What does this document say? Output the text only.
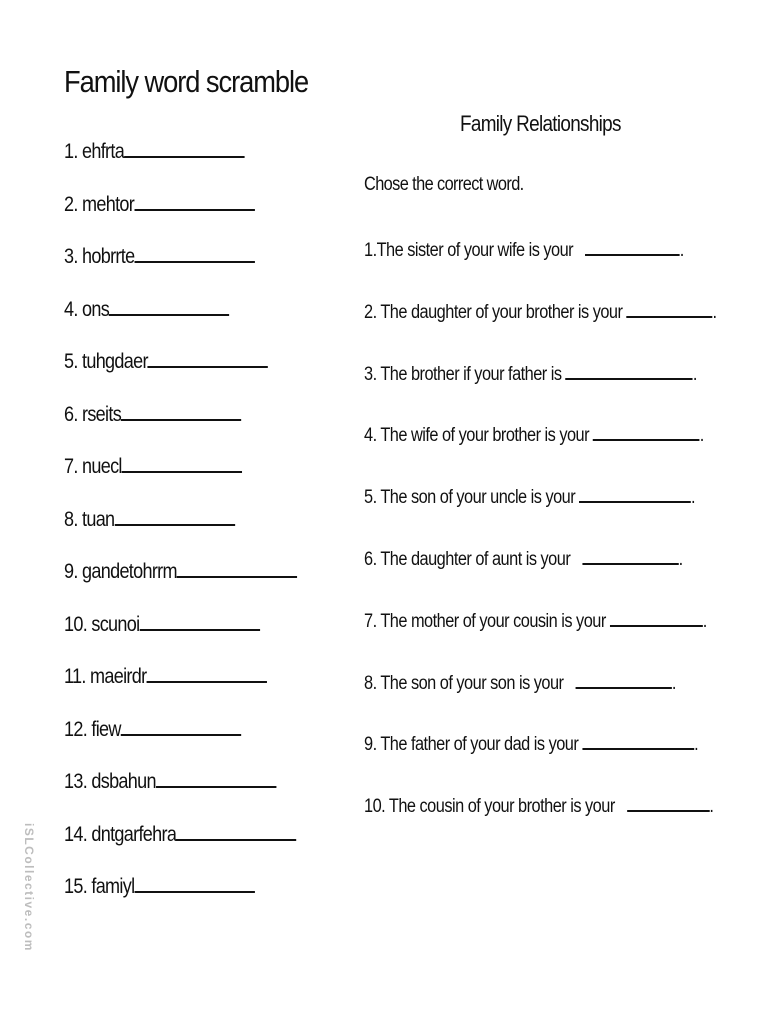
Family word scramble
1. ehfrta
2. mehtor
3. hobrrte
4. ons
5. tuhgdaer
6. rseits
7. nuecl
8. tuan
9. gandetohrrm
10. scunoi
11. maeirdr
12. fiew
13. dsbahun
14. dntgarfehra
15. famiyl
Family Relationships
Chose the correct word.
1.The sister of your wife is your	.
2. The daughter of your brother is your	.
3. The brother if your father is	.
4. The wife of your brother is your	.
5. The son of your uncle is your	.
6. The daughter of aunt is your	.
7. The mother of your cousin is your	.
8. The son of your son is your	.
9. The father of your dad is your	.
10. The cousin of your brother is your	.
iSLCollective.com
